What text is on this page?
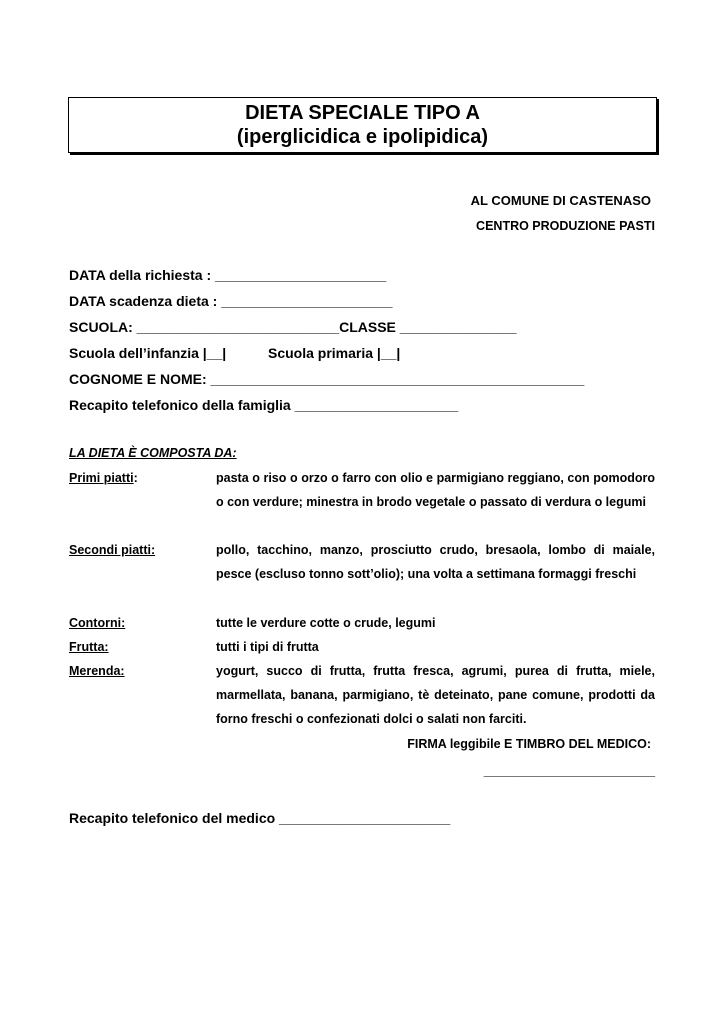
DIETA SPECIALE TIPO A
(iperglicidica e ipolipidica)
AL COMUNE DI CASTENASO
CENTRO PRODUZIONE PASTI
DATA della richiesta : ______________________
DATA scadenza dieta : ______________________
SCUOLA: __________________________CLASSE _______________
Scuola dell’infanzia |__|	Scuola primaria |__|
COGNOME E NOME: ________________________________________________
Recapito telefonico della famiglia _____________________
LA DIETA È COMPOSTA DA:
Primi piatti:	pasta o riso o orzo o farro con olio e parmigiano reggiano, con pomodoro o con verdure; minestra in brodo vegetale o passato di verdura o legumi
Secondi piatti:	pollo, tacchino, manzo, prosciutto crudo, bresaola, lombo di maiale, pesce (escluso tonno sott’olio); una volta a settimana formaggi freschi
Contorni:	tutte le verdure cotte o crude, legumi
Frutta:	tutti i tipi di frutta
Merenda:	yogurt, succo di frutta, frutta fresca, agrumi, purea di frutta, miele, marmellata, banana, parmigiano, tè deteinato, pane comune, prodotti da forno freschi o confezionati dolci o salati non farciti.
FIRMA leggibile E TIMBRO DEL MEDICO:
______________________
Recapito telefonico del medico ______________________
